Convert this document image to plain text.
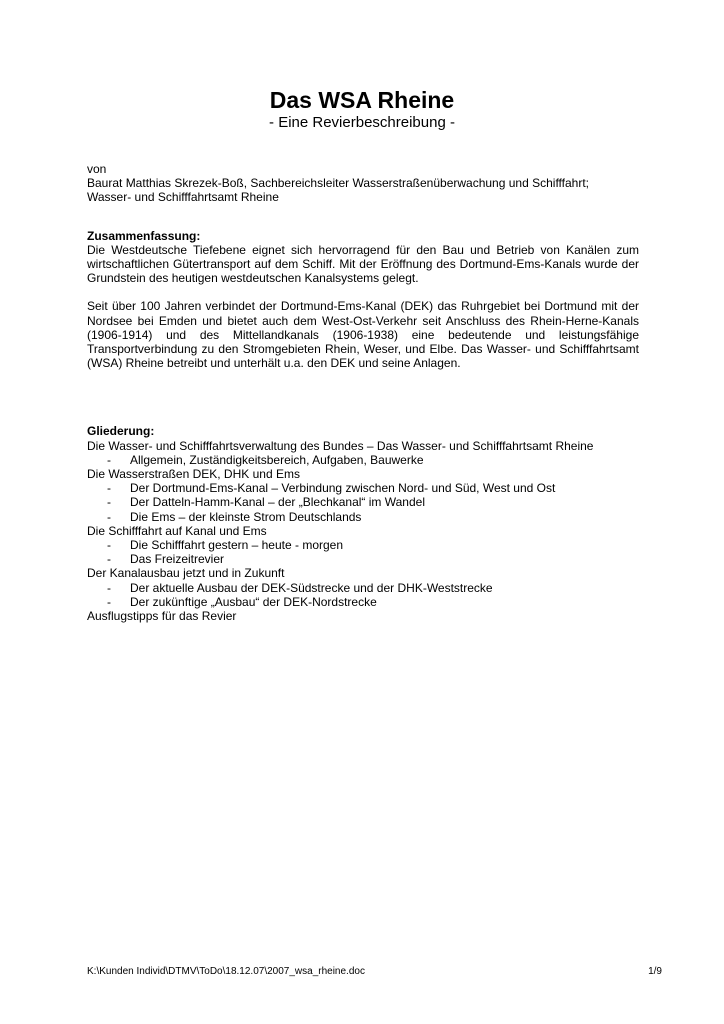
Das WSA Rheine
- Eine Revierbeschreibung -
von
Baurat Matthias Skrezek-Boß, Sachbereichsleiter Wasserstraßenüberwachung und Schifffahrt;
Wasser- und Schifffahrtsamt Rheine
Zusammenfassung:
Die Westdeutsche Tiefebene eignet sich hervorragend für den Bau und Betrieb von Kanälen zum wirtschaftlichen Gütertransport auf dem Schiff. Mit der Eröffnung des Dortmund-Ems-Kanals wurde der Grundstein des heutigen westdeutschen Kanalsystems gelegt.
Seit über 100 Jahren verbindet der Dortmund-Ems-Kanal (DEK) das Ruhrgebiet bei Dortmund mit der Nordsee bei Emden und bietet auch dem West-Ost-Verkehr seit Anschluss des Rhein-Herne-Kanals (1906-1914) und des Mittellandkanals (1906-1938) eine bedeutende und leistungsfähige Transportverbindung zu den Stromgebieten Rhein, Weser, und Elbe. Das Wasser- und Schifffahrtsamt (WSA) Rheine betreibt und unterhält u.a. den DEK und seine Anlagen.
Gliederung:
Die Wasser- und Schifffahrtsverwaltung des Bundes – Das Wasser- und Schifffahrtsamt Rheine
- Allgemein, Zuständigkeitsbereich, Aufgaben, Bauwerke
Die Wasserstraßen DEK, DHK und Ems
- Der Dortmund-Ems-Kanal – Verbindung zwischen Nord- und Süd, West und Ost
- Der Datteln-Hamm-Kanal – der „Blechkanal“ im Wandel
- Die Ems – der kleinste Strom Deutschlands
Die Schifffahrt auf Kanal und Ems
- Die Schifffahrt gestern – heute - morgen
- Das Freizeitrevier
Der Kanalausbau jetzt und in Zukunft
- Der aktuelle Ausbau der DEK-Südstrecke und der DHK-Weststrecke
- Der zukünftige „Ausbau“ der DEK-Nordstrecke
Ausflugstipps für das Revier
K:\Kunden Individ\DTMV\ToDo\18.12.07\2007_wsa_rheine.doc	1/9
